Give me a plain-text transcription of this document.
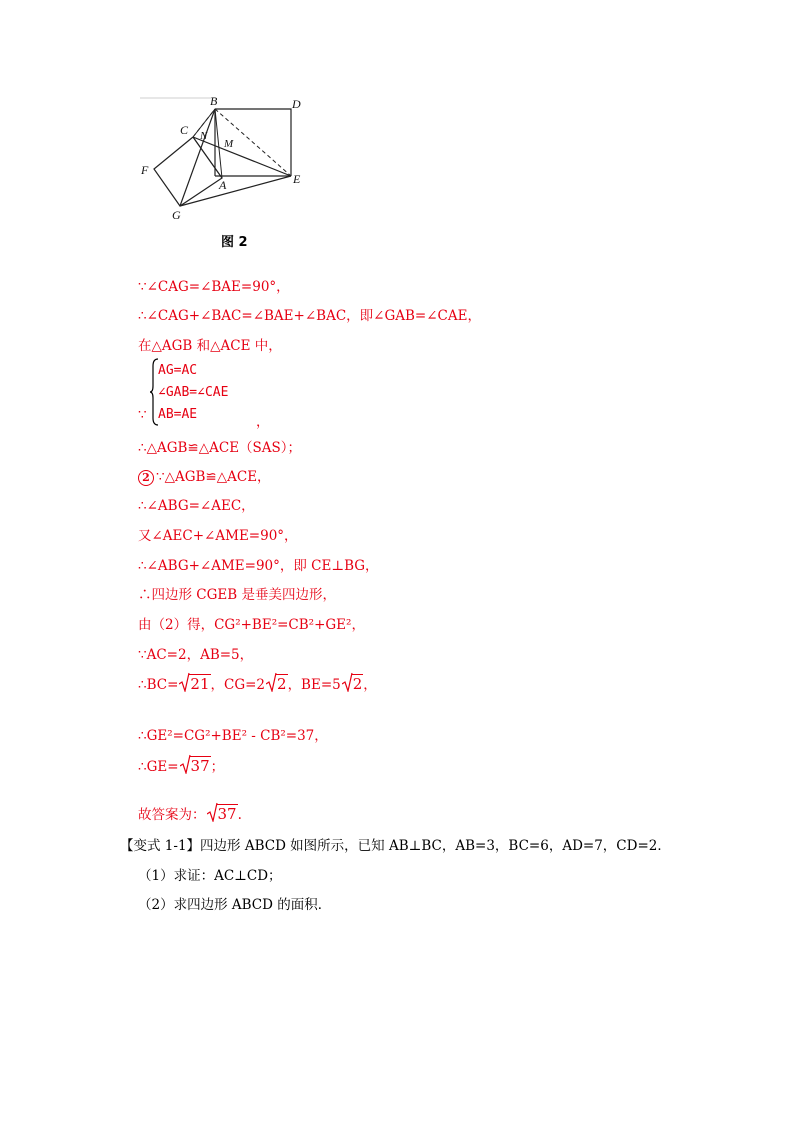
B	D
C N
M
F
A	E
G
图 2
∵∠CAG=∠BAE=90°，
∴∠CAG+∠BAC=∠BAE+∠BAC，即∠GAB=∠CAE，
在△AGB 和△ACE 中，
AG=AC
∠GAB=∠CAE
AB=AE
∵	，
∴△AGB≌△ACE（SAS）；
2 ∵△AGB≌△ACE，
∴∠ABG=∠AEC，
又∠AEC+∠AME=90°，
∴∠ABG+∠AME=90°，即 CE⊥BG，
∴四边形 CGEB 是垂美四边形，
由（2）得，CG²+BE²=CB²+GE²，
∵AC=2，AB=5，
∴BC= 21，CG=2 2，BE=5 2，
∴GE²=CG²+BE² - CB²=37，
∴GE= 37；
故答案为： 37.
【变式 1-1】四边形 ABCD 如图所示，已知 AB⊥BC，AB=3，BC=6，AD=7，CD=2．
（1）求证：AC⊥CD；
（2）求四边形 ABCD 的面积．
